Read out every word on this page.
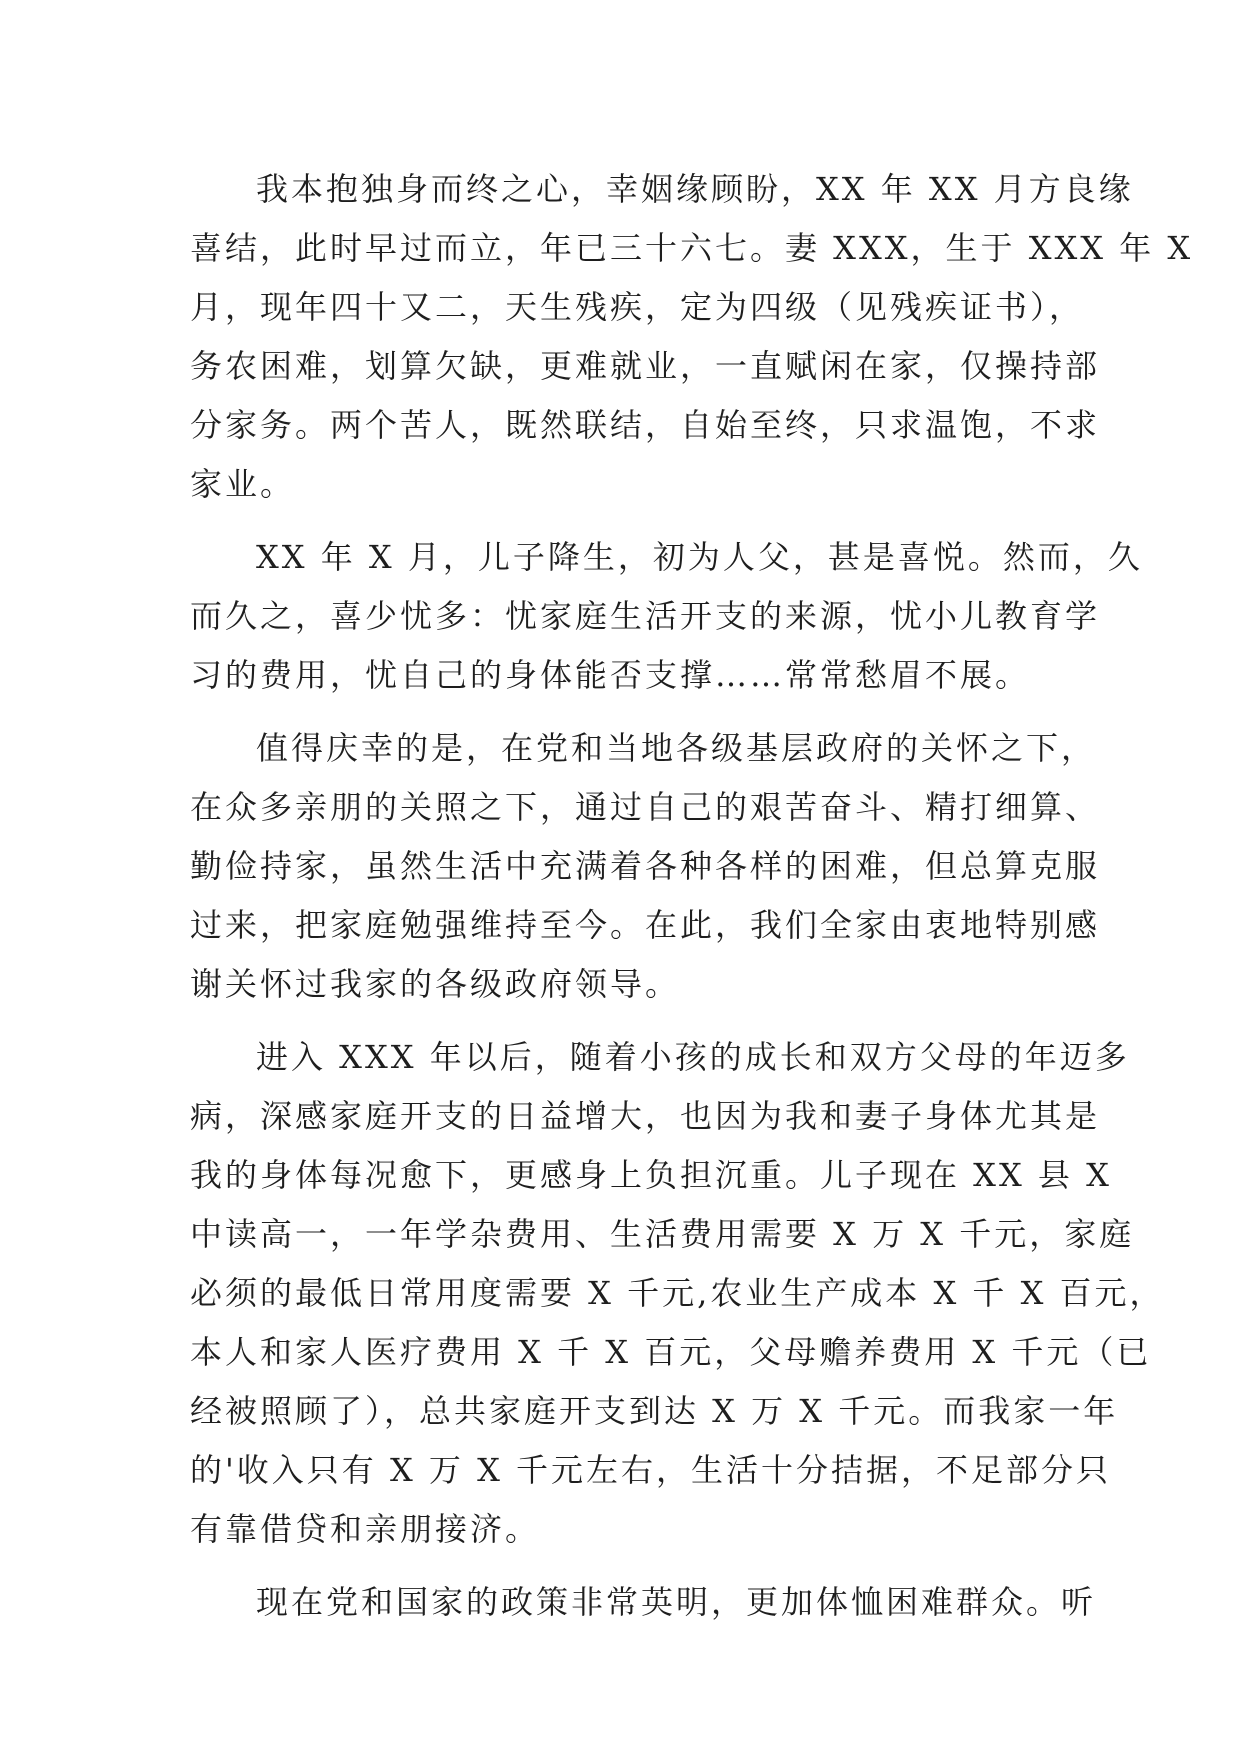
我本抱独身而终之心，幸姻缘顾盼，XX 年 XX 月方良缘
喜结，此时早过而立，年已三十六七。妻 XXX，生于 XXX 年 X
月，现年四十又二，天生残疾，定为四级（见残疾证书），
务农困难，划算欠缺，更难就业，一直赋闲在家，仅操持部
分家务。两个苦人，既然联结，自始至终，只求温饱，不求
家业。
XX 年 X 月，儿子降生，初为人父，甚是喜悦。然而，久
而久之，喜少忧多：忧家庭生活开支的来源，忧小儿教育学
习的费用，忧自己的身体能否支撑……常常愁眉不展。
值得庆幸的是，在党和当地各级基层政府的关怀之下，
在众多亲朋的关照之下，通过自己的艰苦奋斗、精打细算、
勤俭持家，虽然生活中充满着各种各样的困难，但总算克服
过来，把家庭勉强维持至今。在此，我们全家由衷地特别感
谢关怀过我家的各级政府领导。
进入 XXX 年以后，随着小孩的成长和双方父母的年迈多
病，深感家庭开支的日益增大，也因为我和妻子身体尤其是
我的身体每况愈下，更感身上负担沉重。儿子现在 XX 县 X
中读高一，一年学杂费用、生活费用需要 X 万 X 千元，家庭
必须的最低日常用度需要 X 千元,农业生产成本 X 千 X 百元，
本人和家人医疗费用 X 千 X 百元，父母赡养费用 X 千元（已
经被照顾了），总共家庭开支到达 X 万 X 千元。而我家一年
的'收入只有 X 万 X 千元左右，生活十分拮据，不足部分只
有靠借贷和亲朋接济。
现在党和国家的政策非常英明，更加体恤困难群众。听
